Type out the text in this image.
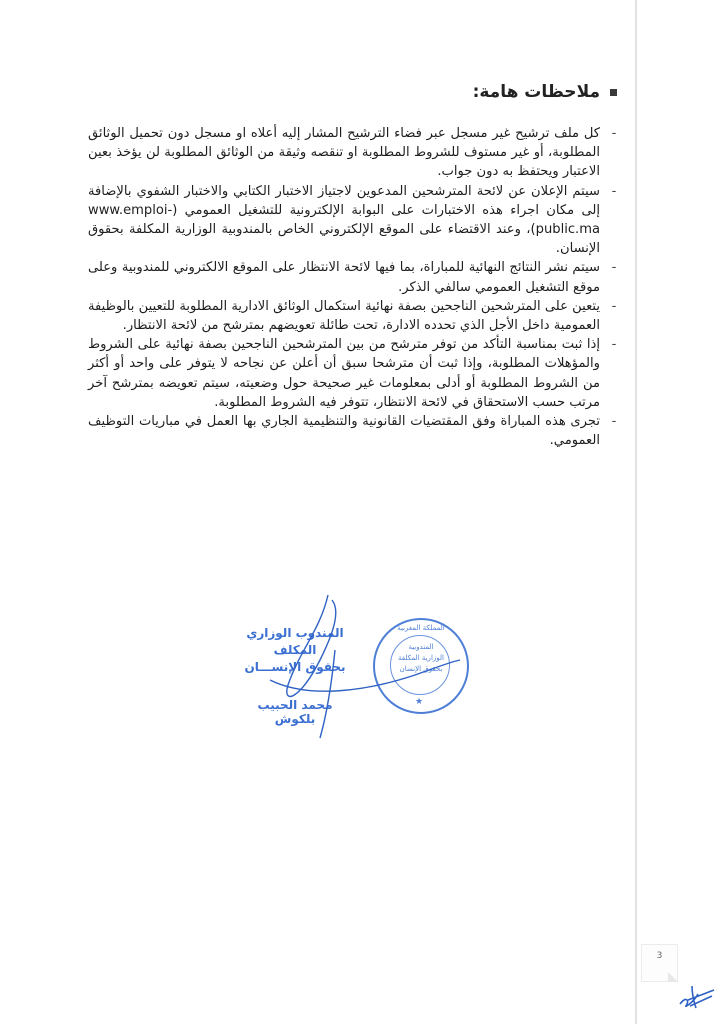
ملاحظات هامة:
-
كل ملف ترشيح غير مسجل عبر فضاء الترشيح المشار إليه أعلاه او مسجل دون تحميل الوثائق المطلوبة، أو غير مستوف للشروط المطلوبة او تنقصه وثيقة من الوثائق المطلوبة لن يؤخذ بعين الاعتبار ويحتفظ به دون جواب.
-
سيتم الإعلان عن لائحة المترشحين المدعوين لاجتياز الاختبار الكتابي والاختبار الشفوي بالإضافة إلى مكان اجراء هذه الاختبارات على البوابة الإلكترونية للتشغيل العمومي (www.emploi-public.ma)، وعند الاقتضاء على الموقع الإلكتروني الخاص بالمندوبية الوزارية المكلفة بحقوق الإنسان.
-
سيتم نشر النتائج النهائية للمباراة، بما فيها لائحة الانتظار على الموقع الالكتروني للمندوبية وعلى موقع التشغيل العمومي سالفي الذكر.
-
يتعين على المترشحين الناجحين بصفة نهائية استكمال الوثائق الادارية المطلوبة للتعيين بالوظيفة العمومية داخل الأجل الذي تحدده الادارة، تحت طائلة تعويضهم بمترشح من لائحة الانتظار.
-
إذا ثبت بمناسبة التأكد من توفر مترشح من بين المترشحين الناجحين بصفة نهائية على الشروط والمؤهلات المطلوبة، وإذا ثبت أن مترشحا سبق أن أعلن عن نجاحه لا يتوفر على واحد أو أكثر من الشروط المطلوبة أو أدلى بمعلومات غير صحيحة حول وضعيته، سيتم تعويضه بمترشح آخر مرتب حسب الاستحقاق في لائحة الانتظار، تتوفر فيه الشروط المطلوبة.
-
تجرى هذه المباراة وفق المقتضيات القانونية والتنظيمية الجاري بها العمل في مباريات التوظيف العمومي.
المندوب الوزاري المكلف
بحقوق الإنســـان
محمد الحبيب بلكوش
المملكة المغربية
المندوبية
الوزارية المكلفة
بحقوق الإنسان
★
3
